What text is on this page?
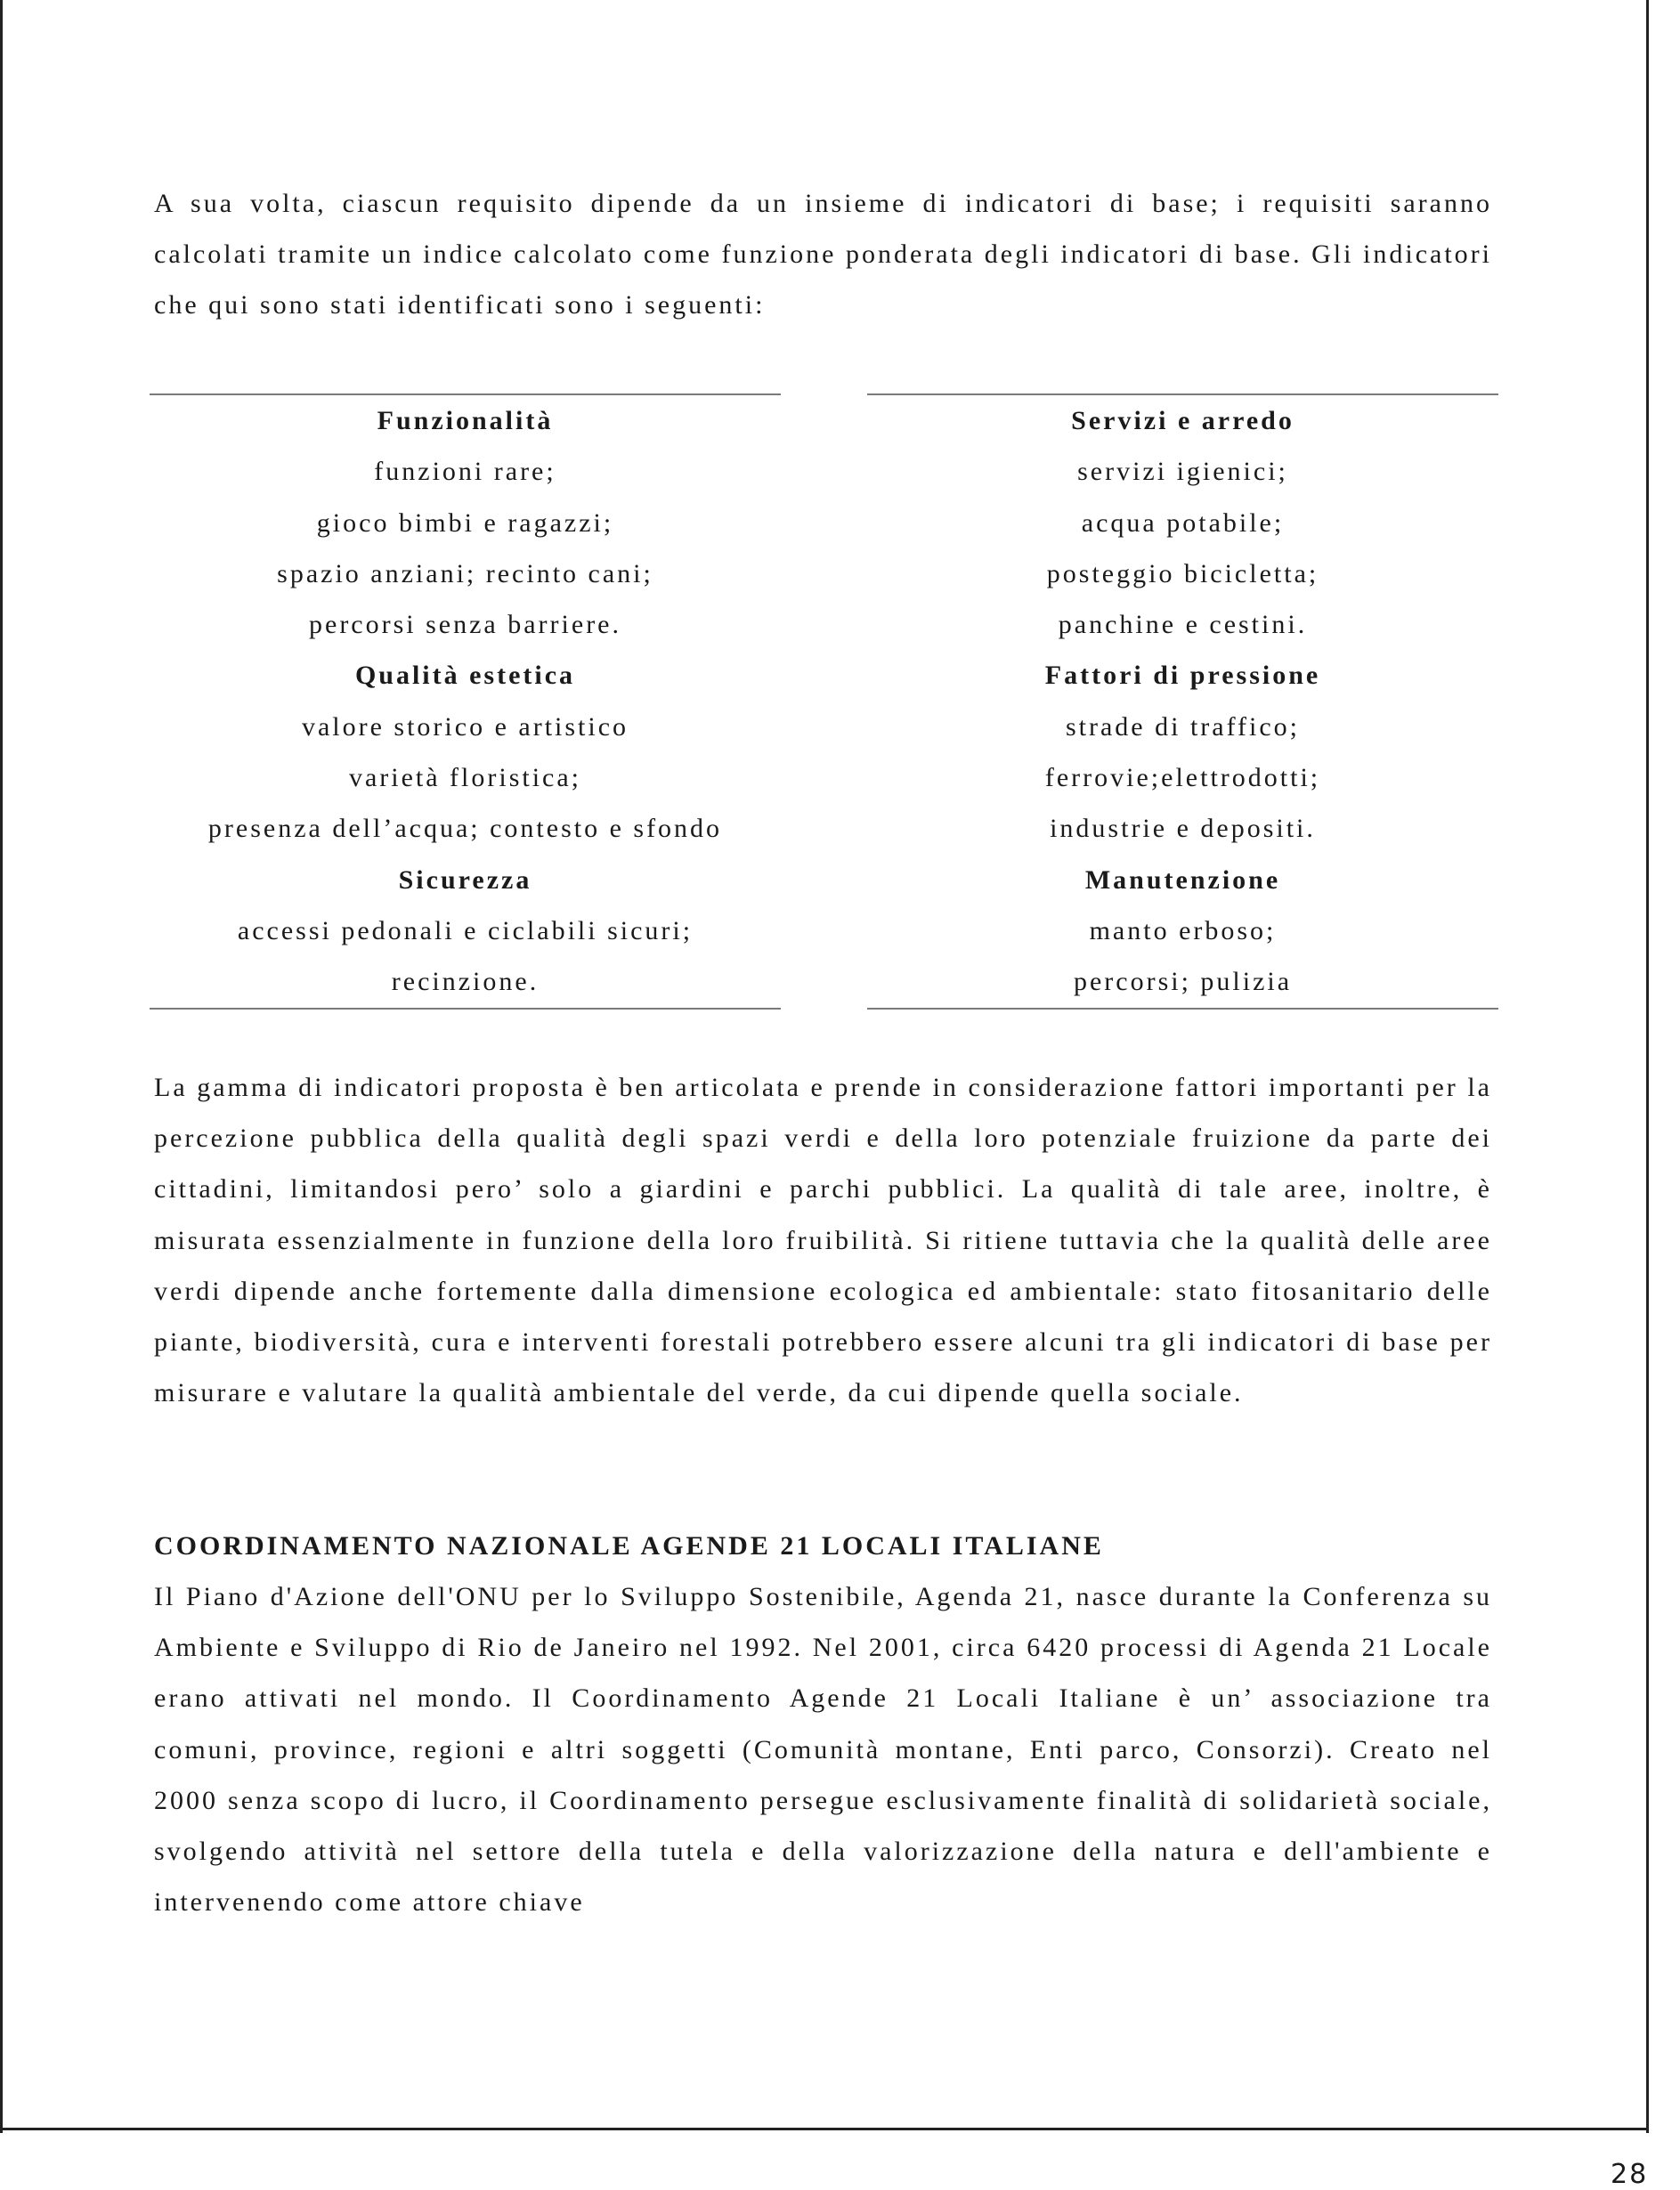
A sua volta, ciascun requisito dipende da un insieme di indicatori di base; i requisiti saranno calcolati tramite un indice calcolato come funzione ponderata degli indicatori di base. Gli indicatori che qui sono stati identificati sono i seguenti:

Funzionalità
funzioni rare;
gioco bimbi e ragazzi;
spazio anziani; recinto cani;
percorsi senza barriere.
Qualità estetica
valore storico e artistico
varietà floristica;
presenza dell’acqua; contesto e sfondo
Sicurezza
accessi pedonali e ciclabili sicuri;
recinzione.
Servizi e arredo
servizi igienici;
acqua potabile;
posteggio bicicletta;
panchine e cestini.
Fattori di pressione
strade di traffico;
ferrovie;elettrodotti;
industrie e depositi.
Manutenzione
manto erboso;
percorsi; pulizia

La gamma di indicatori proposta è ben articolata e prende in considerazione fattori importanti per la percezione pubblica della qualità degli spazi verdi e della loro potenziale fruizione da parte dei cittadini, limitandosi pero’ solo a giardini e parchi pubblici. La qualità di tale aree, inoltre, è misurata essenzialmente in funzione della loro fruibilità. Si ritiene tuttavia che la qualità delle aree verdi dipende anche fortemente dalla dimensione ecologica ed ambientale: stato fitosanitario delle piante, biodiversità, cura e interventi forestali potrebbero essere alcuni tra gli indicatori di base per misurare e valutare la qualità ambientale del verde, da cui dipende quella sociale.

COORDINAMENTO NAZIONALE AGENDE 21 LOCALI ITALIANE

Il Piano d'Azione dell'ONU per lo Sviluppo Sostenibile, Agenda 21, nasce durante la Conferenza su Ambiente e Sviluppo di Rio de Janeiro nel 1992. Nel 2001, circa 6420 processi di Agenda 21 Locale erano attivati nel mondo. Il Coordinamento Agende 21 Locali Italiane è un’ associazione tra comuni, province, regioni e altri soggetti (Comunità montane, Enti parco, Consorzi). Creato nel 2000 senza scopo di lucro, il Coordinamento persegue esclusivamente finalità di solidarietà sociale, svolgendo attività nel settore della tutela e della valorizzazione della natura e dell'ambiente e intervenendo come attore chiave

28
